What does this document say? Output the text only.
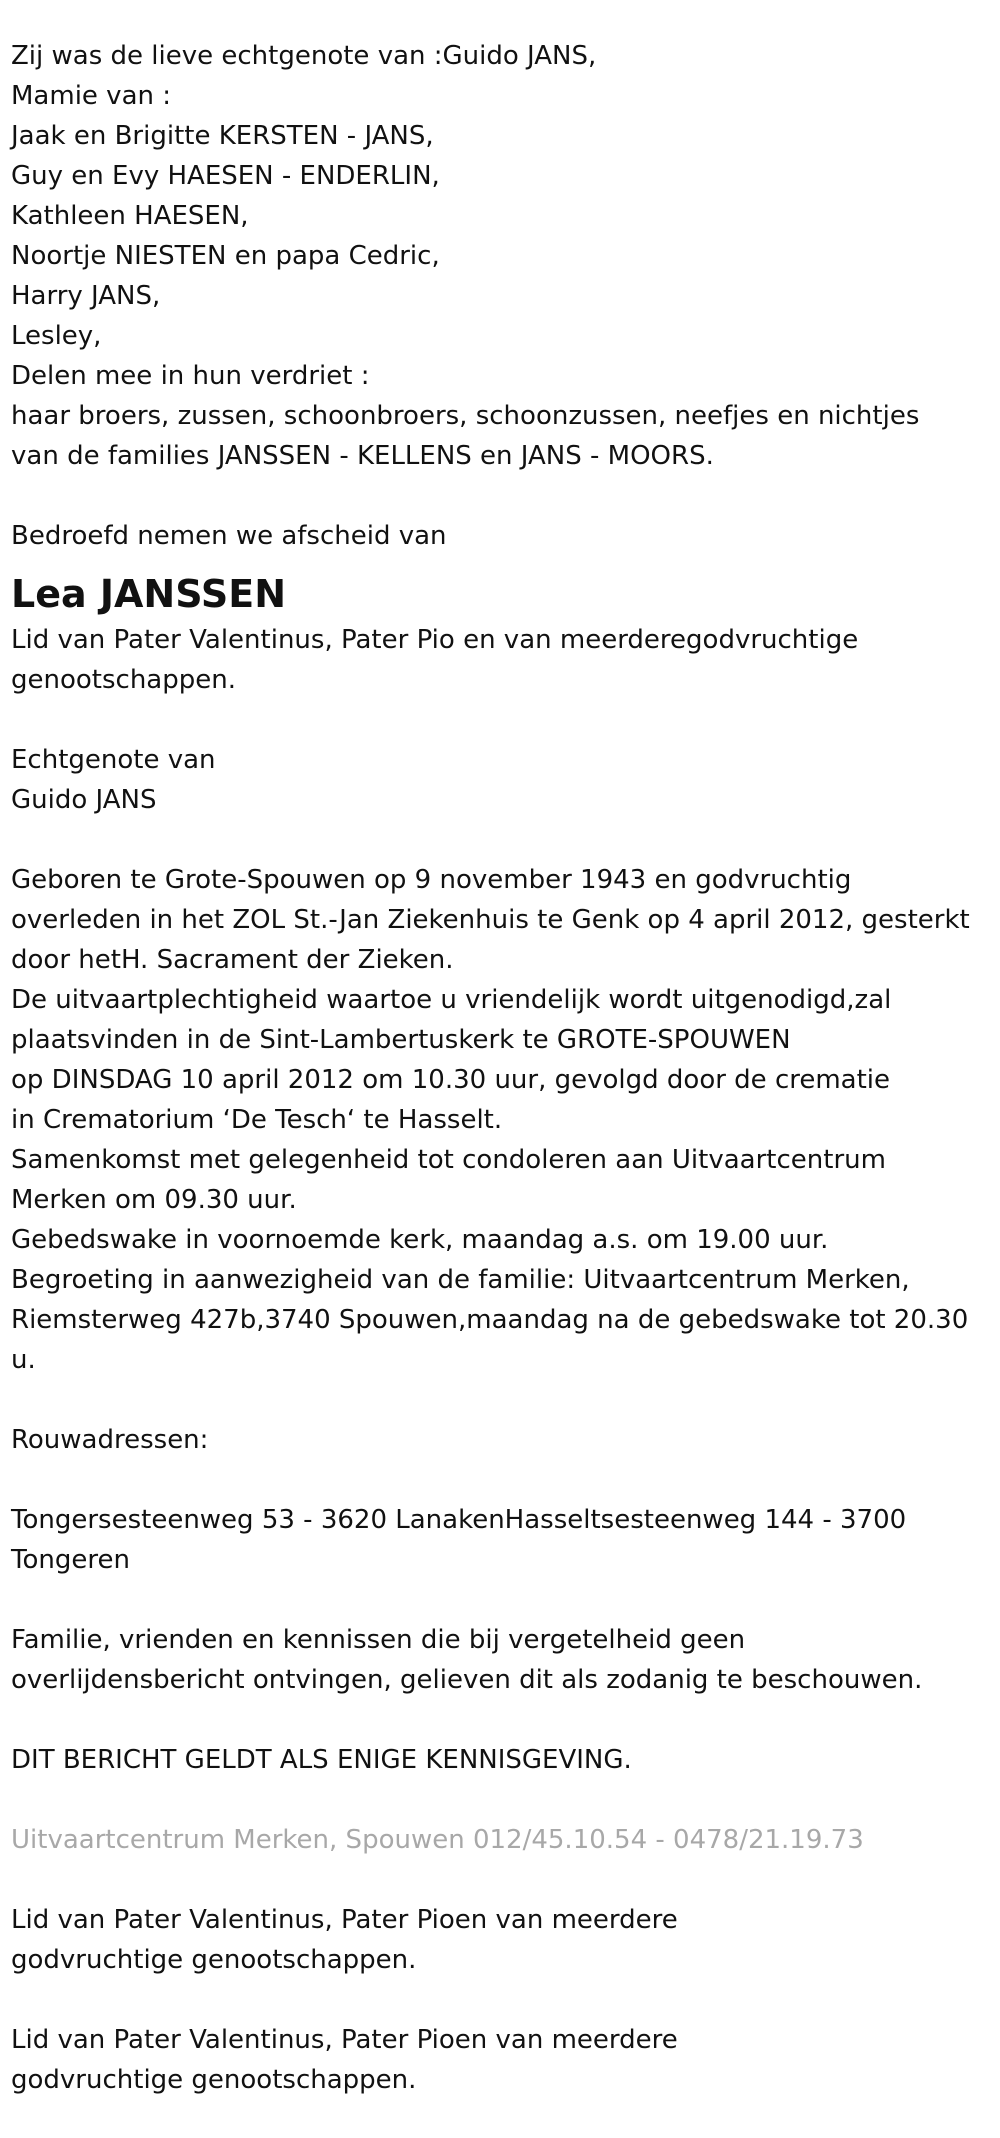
Zij was de lieve echtgenote van :Guido JANS,

Mamie van :

Jaak en Brigitte KERSTEN - JANS,

Guy en Evy HAESEN - ENDERLIN,

Kathleen HAESEN,

Noortje NIESTEN en papa Cedric,

Harry JANS,

Lesley,

Delen mee in hun verdriet :

haar broers, zussen, schoonbroers, schoonzussen, neefjes en nichtjes

van de families JANSSEN - KELLENS en JANS - MOORS.

Bedroefd nemen we afscheid van

Lea JANSSEN

Lid van Pater Valentinus, Pater Pio en van meerderegodvruchtige

genootschappen.

Echtgenote van

Guido JANS

Geboren te Grote-Spouwen op 9 november 1943 en godvruchtig

overleden in het ZOL St.-Jan Ziekenhuis te Genk op 4 april 2012, gesterkt

door hetH. Sacrament der Zieken.

De uitvaartplechtigheid waartoe u vriendelijk wordt uitgenodigd,zal

plaatsvinden in de Sint-Lambertuskerk te GROTE-SPOUWEN

op DINSDAG 10 april 2012 om 10.30 uur, gevolgd door de crematie

in Crematorium ‘De Tesch‘ te Hasselt.

Samenkomst met gelegenheid tot condoleren aan Uitvaartcentrum

Merken om 09.30 uur.

Gebedswake in voornoemde kerk, maandag a.s. om 19.00 uur.

Begroeting in aanwezigheid van de familie: Uitvaartcentrum Merken,

Riemsterweg 427b,3740 Spouwen,maandag na de gebedswake tot 20.30

u.

Rouwadressen:

Tongersesteenweg 53 - 3620 LanakenHasseltsesteenweg 144 - 3700

Tongeren

Familie, vrienden en kennissen die bij vergetelheid geen

overlijdensbericht ontvingen, gelieven dit als zodanig te beschouwen.

DIT BERICHT GELDT ALS ENIGE KENNISGEVING.

Uitvaartcentrum Merken, Spouwen 012/45.10.54 - 0478/21.19.73

Lid van Pater Valentinus, Pater Pioen van meerdere

godvruchtige genootschappen.

Lid van Pater Valentinus, Pater Pioen van meerdere

godvruchtige genootschappen.
